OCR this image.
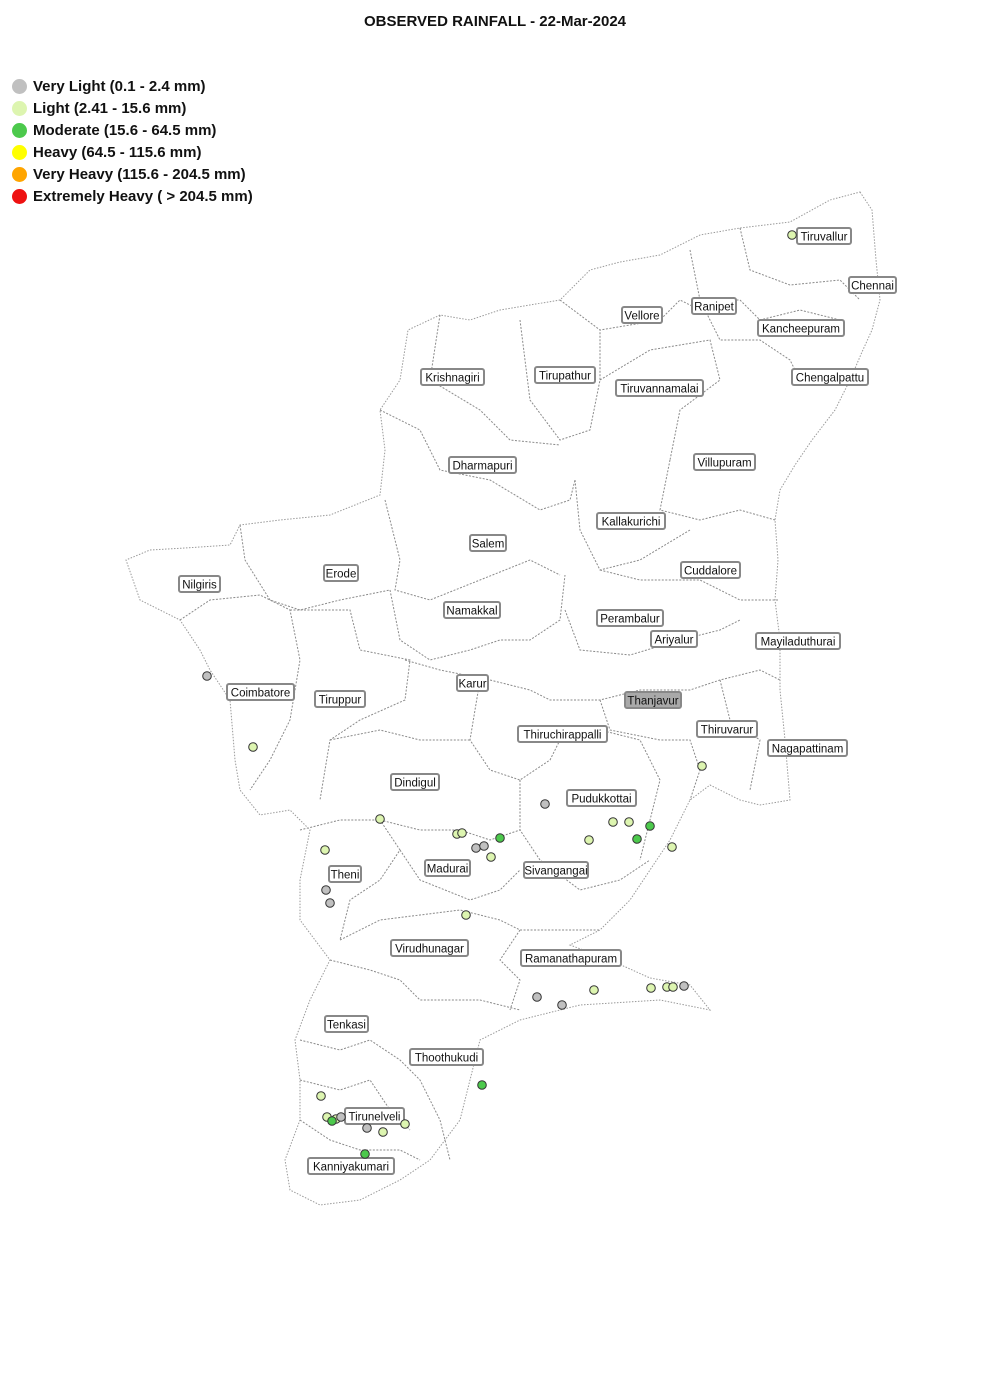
OBSERVED RAINFALL - 22-Mar-2024
Very Light (0.1 - 2.4 mm)
Light (2.41 - 15.6 mm)
Moderate (15.6 - 64.5 mm)
Heavy (64.5 - 115.6 mm)
Very Heavy (115.6 - 204.5 mm)
Extremely Heavy ( > 204.5 mm)
Tiruvallur
Chennai
Ranipet
Vellore
Kancheepuram
Krishnagiri	Tirupathur	Chengalpattu
Tiruvannamalai
Dharmapuri	Villupuram
Kallakurichi
Salem
Nilgiris
Erode	Cuddalore
Namakkal
Perambalur
Ariyalur	Mayiladuthurai
Karur
Coimbatore
Thanjavur
Tiruppur
Thiruvarur
Thiruchirappalli
Nagapattinam
Dindigul
Pudukkottai
Theni	Madurai	Sivangangai
Virudhunagar
Ramanathapuram
Tenkasi
Thoothukudi
Tirunelveli
Kanniyakumari
